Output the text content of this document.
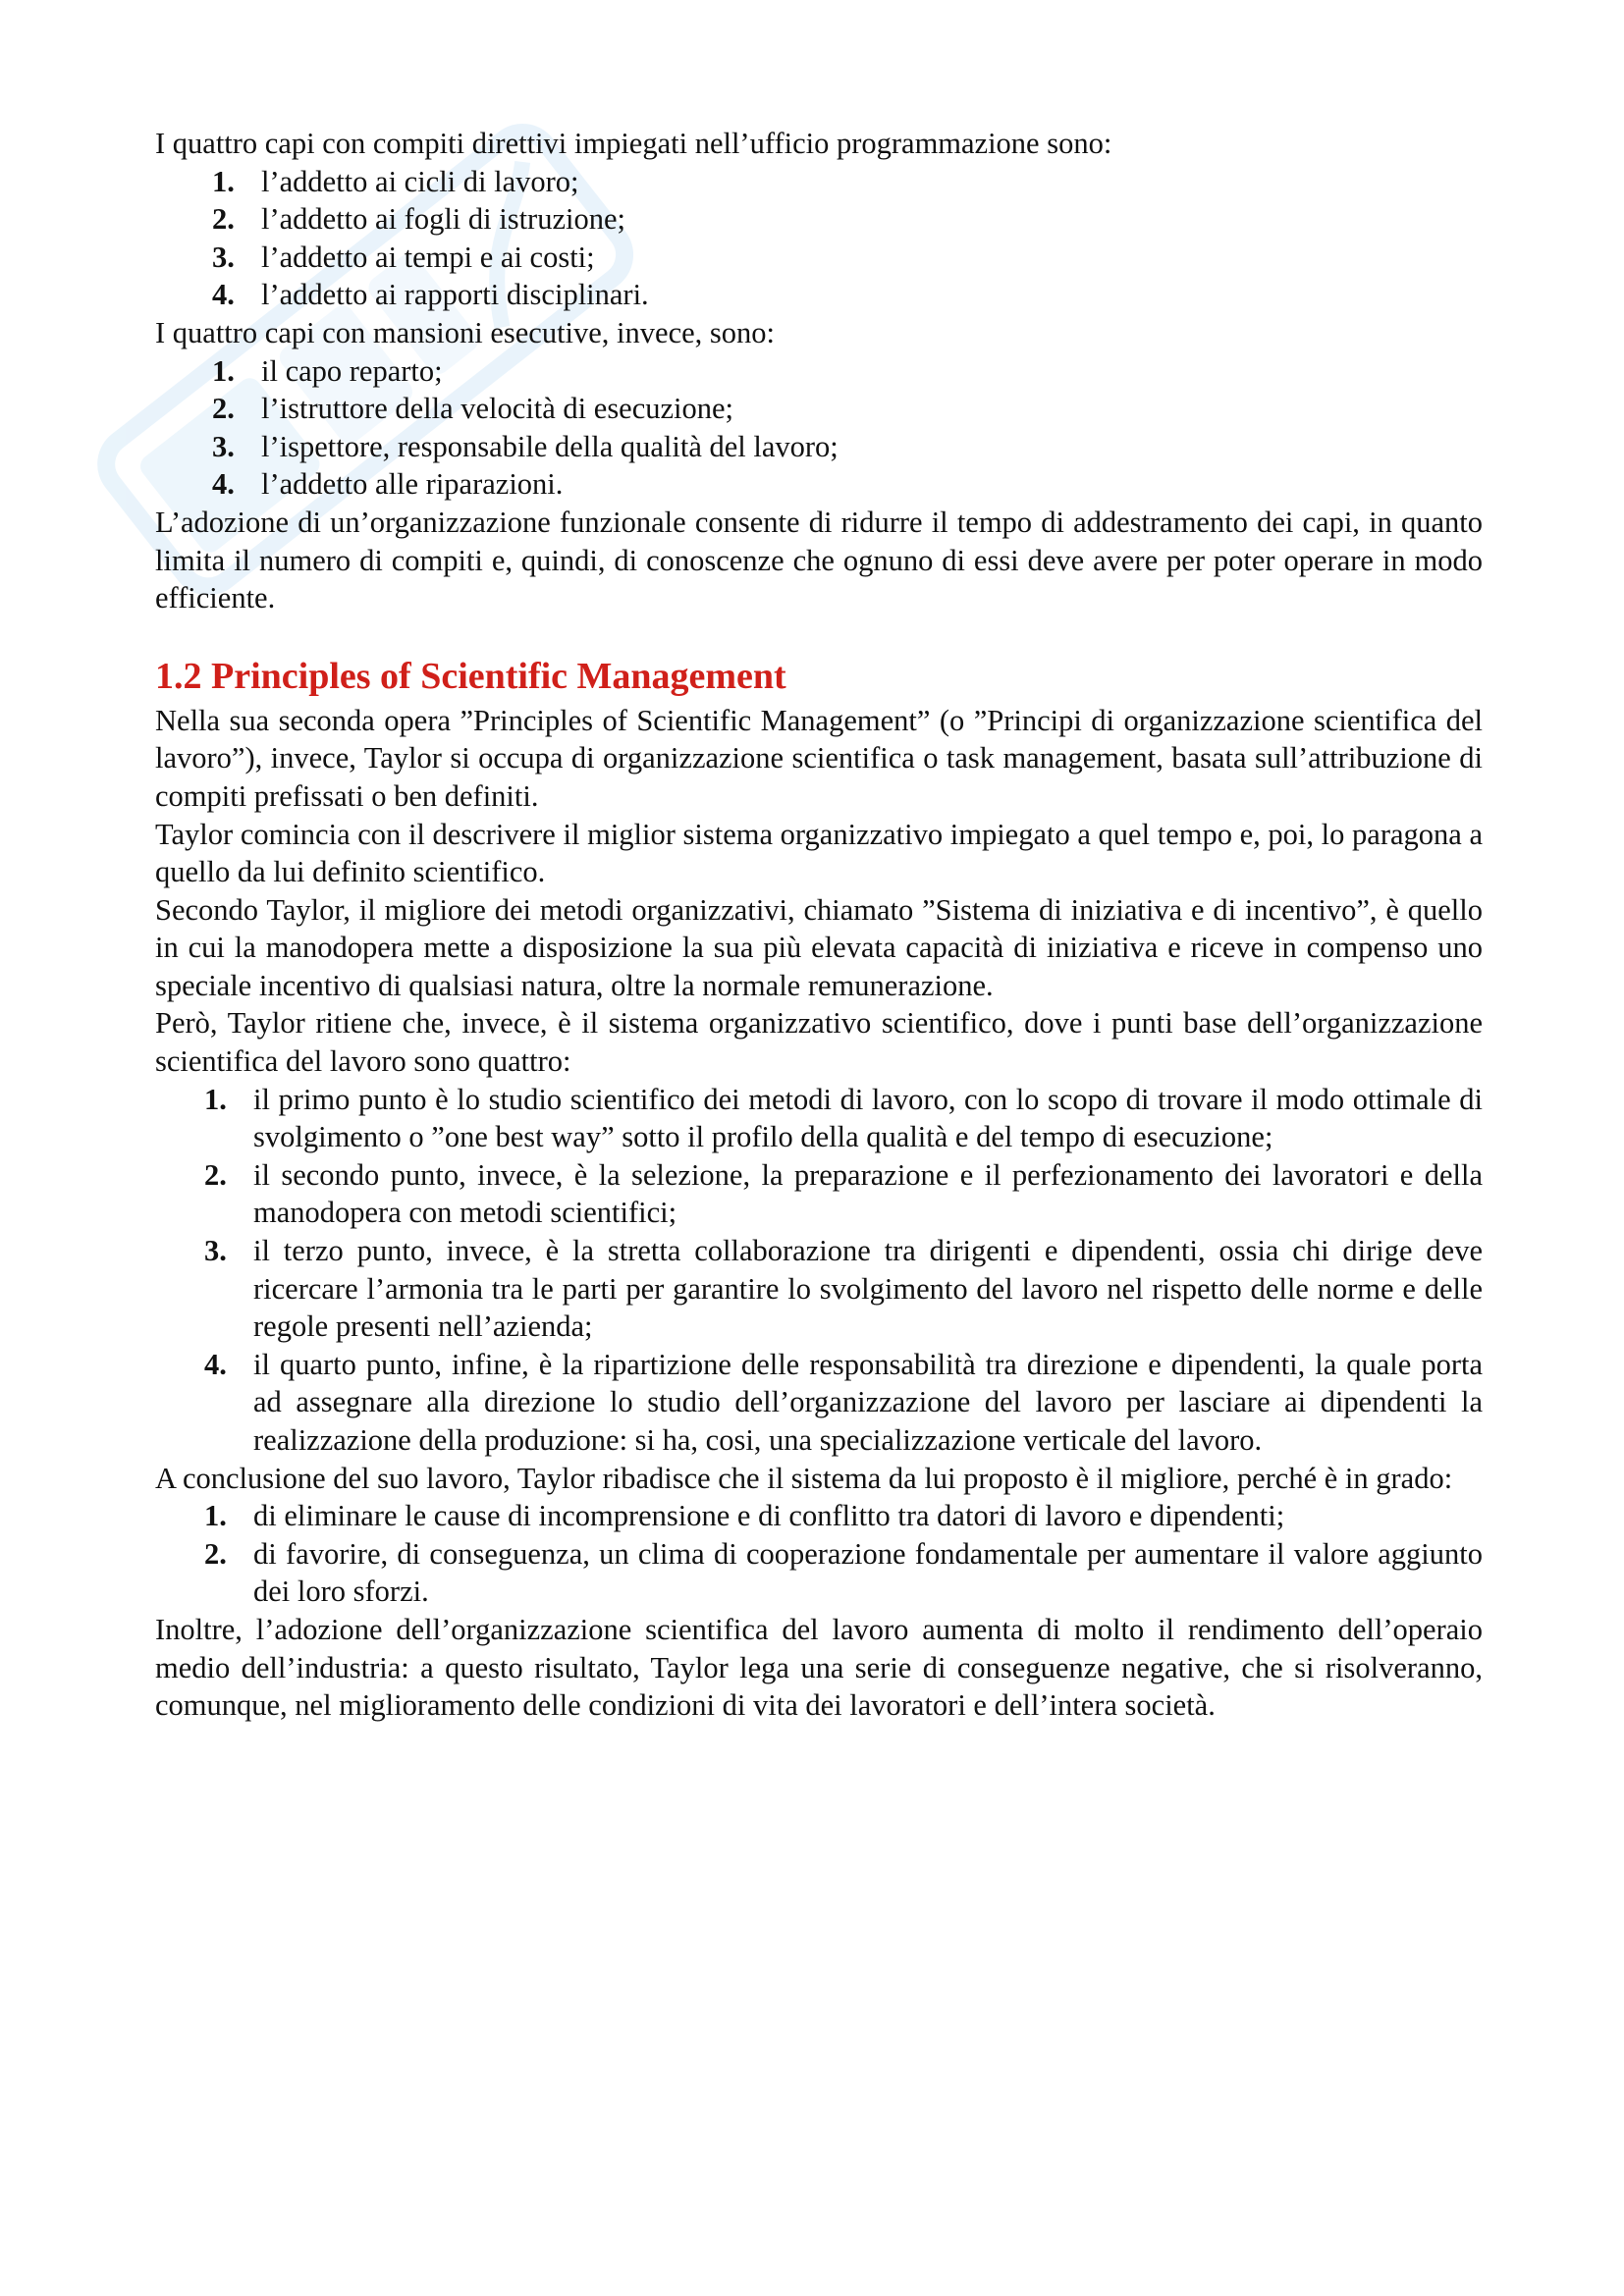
I quattro capi con compiti direttivi impiegati nell’ufficio programmazione sono:

1. l’addetto ai cicli di lavoro;
2. l’addetto ai fogli di istruzione;
3. l’addetto ai tempi e ai costi;
4. l’addetto ai rapporti disciplinari.

I quattro capi con mansioni esecutive, invece, sono:

1. il capo reparto;
2. l’istruttore della velocità di esecuzione;
3. l’ispettore, responsabile della qualità del lavoro;
4. l’addetto alle riparazioni.

L’adozione di un’organizzazione funzionale consente di ridurre il tempo di addestramento dei capi, in quanto limita il numero di compiti e, quindi, di conoscenze che ognuno di essi deve avere per poter operare in modo efficiente.

1.2 Principles of Scientific Management

Nella sua seconda opera ”Principles of Scientific Management” (o ”Principi di organizzazione scientifica del lavoro”), invece, Taylor si occupa di organizzazione scientifica o task management, basata sull’attribuzione di compiti prefissati o ben definiti.

Taylor comincia con il descrivere il miglior sistema organizzativo impiegato a quel tempo e, poi, lo paragona a quello da lui definito scientifico.

Secondo Taylor, il migliore dei metodi organizzativi, chiamato ”Sistema di iniziativa e di incentivo”, è quello in cui la manodopera mette a disposizione la sua più elevata capacità di iniziativa e riceve in compenso uno speciale incentivo di qualsiasi natura, oltre la normale remunerazione.

Però, Taylor ritiene che, invece, è il sistema organizzativo scientifico, dove i punti base dell’organizzazione scientifica del lavoro sono quattro:

1. il primo punto è lo studio scientifico dei metodi di lavoro, con lo scopo di trovare il modo ottimale di svolgimento o ”one best way” sotto il profilo della qualità e del tempo di esecuzione;
2. il secondo punto, invece, è la selezione, la preparazione e il perfezionamento dei lavoratori e della manodopera con metodi scientifici;
3. il terzo punto, invece, è la stretta collaborazione tra dirigenti e dipendenti, ossia chi dirige deve ricercare l’armonia tra le parti per garantire lo svolgimento del lavoro nel rispetto delle norme e delle regole presenti nell’azienda;
4. il quarto punto, infine, è la ripartizione delle responsabilità tra direzione e dipendenti, la quale porta ad assegnare alla direzione lo studio dell’organizzazione del lavoro per lasciare ai dipendenti la realizzazione della produzione: si ha, cosi, una specializzazione verticale del lavoro.

A conclusione del suo lavoro, Taylor ribadisce che il sistema da lui proposto è il migliore, perché è in grado:

1. di eliminare le cause di incomprensione e di conflitto tra datori di lavoro e dipendenti;
2. di favorire, di conseguenza, un clima di cooperazione fondamentale per aumentare il valore aggiunto dei loro sforzi.

Inoltre, l’adozione dell’organizzazione scientifica del lavoro aumenta di molto il rendimento dell’operaio medio dell’industria: a questo risultato, Taylor lega una serie di conseguenze negative, che si risolveranno, comunque, nel miglioramento delle condizioni di vita dei lavoratori e dell’intera società.
